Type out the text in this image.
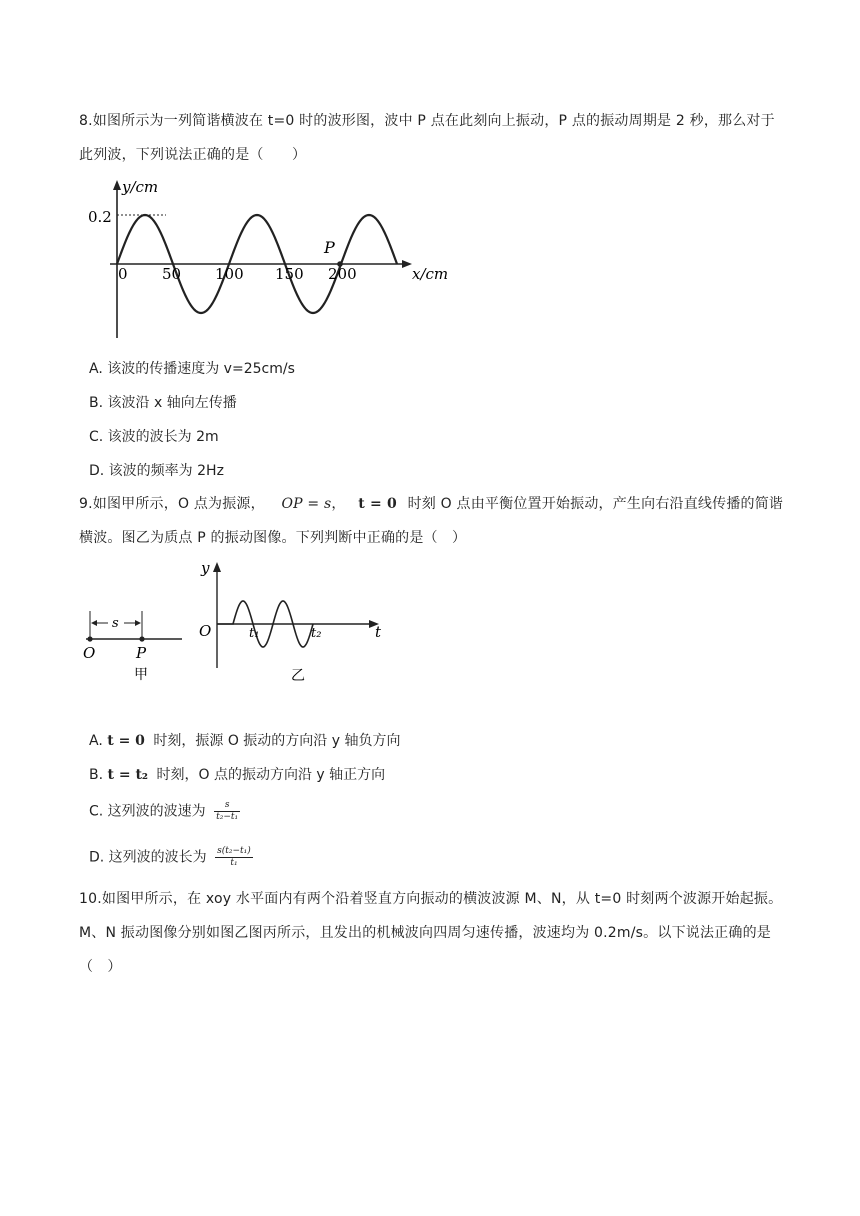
8.如图所示为一列简谐横波在 t=0 时的波形图，波中 P 点在此刻向上振动，P 点的振动周期是 2 秒，那么对于此列波，下列说法正确的是（　　）
y/cm
0.2
0 50 100 150 200	x/cm
P
A. 该波的传播速度为 v=25cm/s
B. 该波沿 x 轴向左传播
C. 该波的波长为 2m
D. 该波的频率为 2Hz
9.如图甲所示，O 点为振源， OP = s， t = 0 时刻 O 点由平衡位置开始振动，产生向右沿直线传播的简谐横波。图乙为质点 P 的振动图像。下列判断中正确的是（　）
s
O	P
甲
y
O	t₁	t₂	t
乙
A. t = 0 时刻，振源 O 振动的方向沿 y 轴负方向
B. t = t₂ 时刻，O 点的振动方向沿 y 轴正方向
C. 这列波的波速为 $\frac{s}{\text{t₂−t₁}}$
D. 这列波的波长为 $\frac{\text{s(t₂−t₁)}}{\text{t₁}}$
10.如图甲所示，在 xoy 水平面内有两个沿着竖直方向振动的横波波源 M、N，从 t=0 时刻两个波源开始起振。M、N 振动图像分别如图乙图丙所示，且发出的机械波向四周匀速传播，波速均为 0.2m/s。以下说法正确的是（　）
